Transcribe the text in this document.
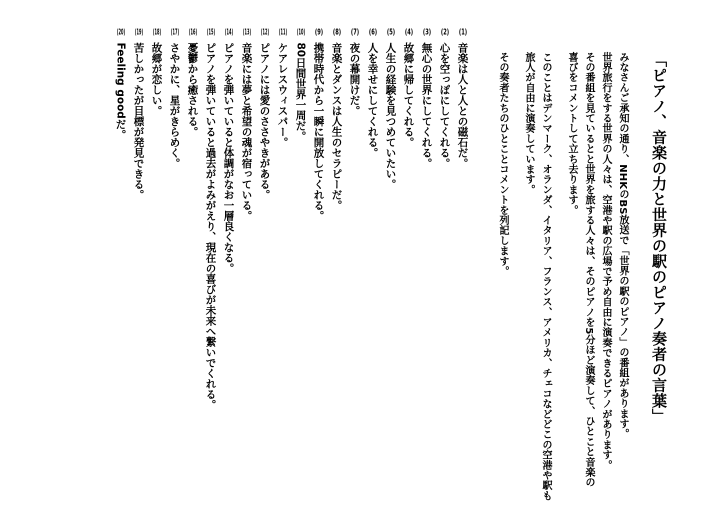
「ピアノ、音楽の力と世界の駅のピアノ奏者の言葉」
みなさんご承知の通り、NHKのBS放送で「世界の駅のピアノ」の番組があります。
世界旅行をする世界の人々は、空港や駅の広場で予め自由に演奏できるピアノがあります。
その番組を見ているとと世界を旅する人々は、そのピアノを5分ほど演奏して、ひとこと音楽の
喜びをコメントして立ち去ります。
このことはデンマーク、オランダ、イタリア、フランス、アメリカ、チェコなどどこの空港や駅も
旅人が自由に演奏しています。
その奏者たちのひとことコメントを列記します。
(1)音楽は人と人との磁石だ。
(2)心を空っぽにしてくれる。
(3)無心の世界にしてくれる。
(4)故郷に帰してくれる。
(5)人生の経験を見つめていたい。
(6)人を幸せにしてくれる。
(7)夜の幕開けだ。
(8)音楽とダンスは人生のセラピーだ。
(9)携帯時代から一瞬に開放してくれる。
(10)80日間世界一周だ。
(11)ケアレスウィスパー。
(12)ピアノには愛のささやきがある。
(13)音楽には夢と希望の魂が宿っている。
(14)ピアノを弾いていると体調がなお一層良くなる。
(15)ピアノを弾いていると過去がよみがえり、現在の喜びが未来へ繋いでくれる。
(16)憂鬱から癒される。
(17)さやかに、星がきらめく。
(18)故郷が恋しい。
(19)苦しかったが目標が発見できる。
(20)Feeling goodだ。
